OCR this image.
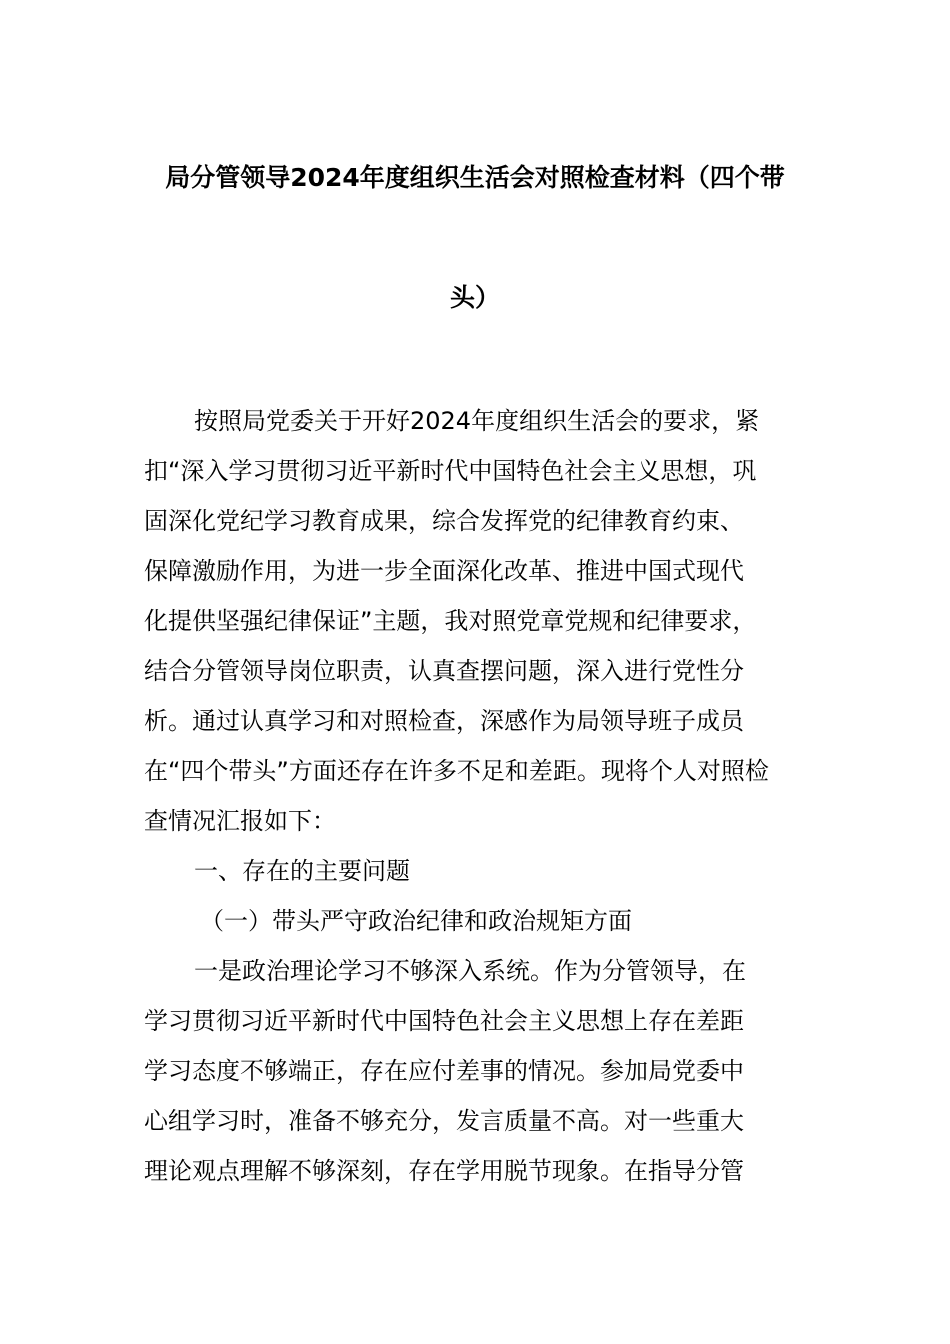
局分管领导2024年度组织生活会对照检查材料（四个带
头）
按照局党委关于开好2024年度组织生活会的要求，紧
扣“深入学习贯彻习近平新时代中国特色社会主义思想，巩
固深化党纪学习教育成果，综合发挥党的纪律教育约束、
保障激励作用，为进一步全面深化改革、推进中国式现代
化提供坚强纪律保证”主题，我对照党章党规和纪律要求，
结合分管领导岗位职责，认真查摆问题，深入进行党性分
析。通过认真学习和对照检查，深感作为局领导班子成员
在“四个带头”方面还存在许多不足和差距。现将个人对照检
查情况汇报如下：
一、存在的主要问题
（一）带头严守政治纪律和政治规矩方面
一是政治理论学习不够深入系统。作为分管领导，在
学习贯彻习近平新时代中国特色社会主义思想上存在差距
学习态度不够端正，存在应付差事的情况。参加局党委中
心组学习时，准备不够充分，发言质量不高。对一些重大
理论观点理解不够深刻，存在学用脱节现象。在指导分管
